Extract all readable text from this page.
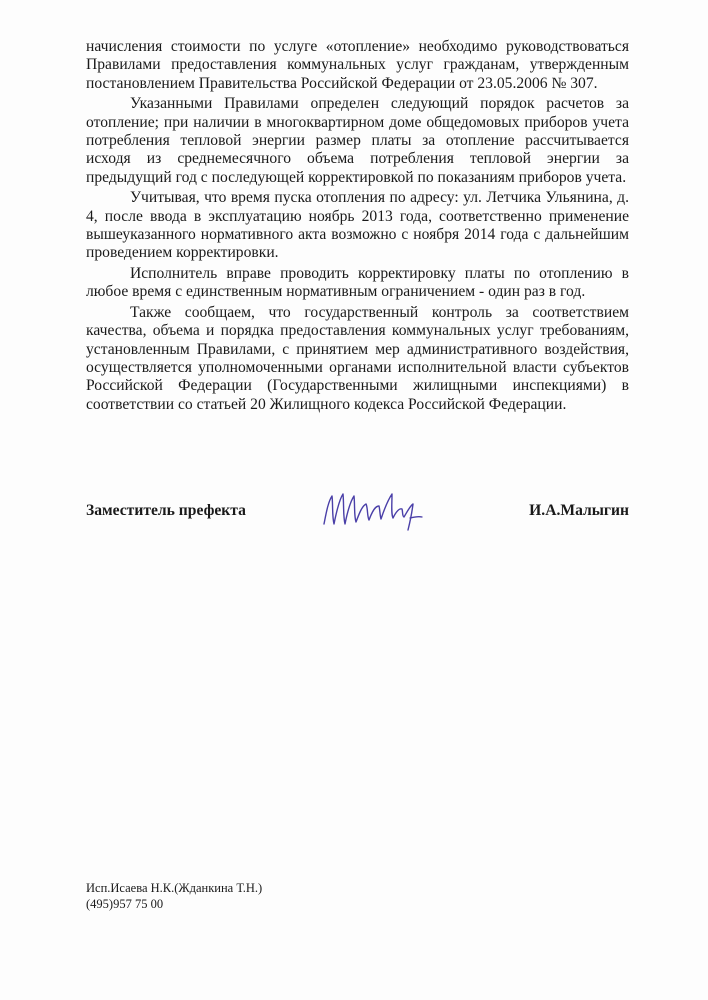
начисления стоимости по услуге «отопление» необходимо руководствоваться Правилами предоставления коммунальных услуг гражданам, утвержденным постановлением Правительства Российской Федерации от 23.05.2006 № 307.

Указанными Правилами определен следующий порядок расчетов за отопление; при наличии в многоквартирном доме общедомовых приборов учета потребления тепловой энергии размер платы за отопление рассчитывается исходя из среднемесячного объема потребления тепловой энергии за предыдущий год с последующей корректировкой по показаниям приборов учета.

Учитывая, что время пуска отопления по адресу: ул. Летчика Ульянина, д. 4, после ввода в эксплуатацию ноябрь 2013 года, соответственно применение вышеуказанного нормативного акта возможно с ноября 2014 года с дальнейшим проведением корректировки.

Исполнитель вправе проводить корректировку платы по отоплению в любое время с единственным нормативным ограничением - один раз в год.

Также сообщаем, что государственный контроль за соответствием качества, объема и порядка предоставления коммунальных услуг требованиям, установленным Правилами, с принятием мер административного воздействия, осуществляется уполномоченными органами исполнительной власти субъектов Российской Федерации (Государственными жилищными инспекциями) в соответствии со статьей 20 Жилищного кодекса Российской Федерации.

Заместитель префекта	И.А.Малыгин
Исп.Исаева Н.К.(Жданкина Т.Н.)
(495)957 75 00
